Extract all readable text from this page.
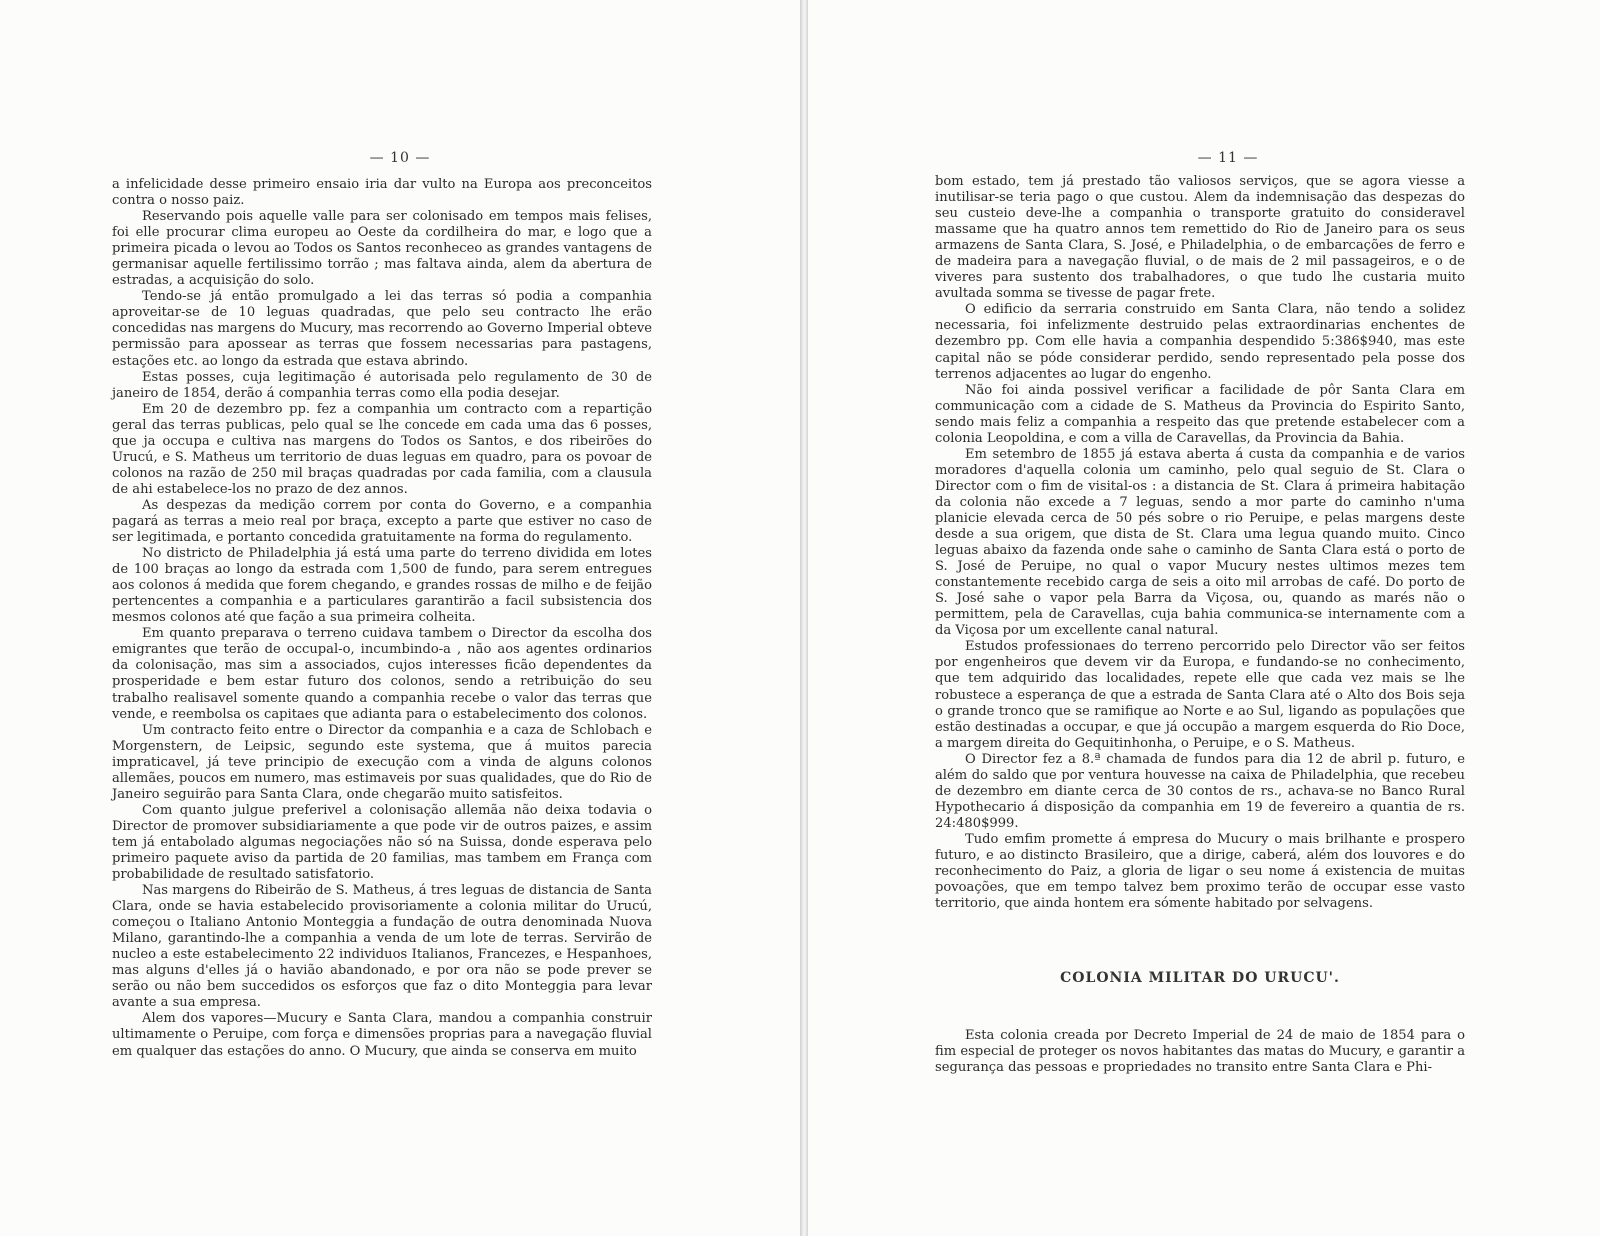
— 10 —

a infelicidade desse primeiro ensaio iria dar vulto na Europa aos preconceitos contra o nosso paiz.

Reservando pois aquelle valle para ser colonisado em tempos mais felises, foi elle procurar clima europeu ao Oeste da cordilheira do mar, e logo que a primeira picada o levou ao Todos os Santos reconheceo as grandes vantagens de germanisar aquelle fertilissimo torrão ; mas faltava ainda, alem da abertura de estradas, a acquisição do solo.

Tendo-se já então promulgado a lei das terras só podia a companhia aproveitar-se de 10 leguas quadradas, que pelo seu contracto lhe erão concedidas nas margens do Mucury, mas recorrendo ao Governo Imperial obteve permissão para apossear as terras que fossem necessarias para pastagens, estações etc. ao longo da estrada que estava abrindo.

Estas posses, cuja legitimação é autorisada pelo regulamento de 30 de janeiro de 1854, derão á companhia terras como ella podia desejar.

Em 20 de dezembro pp. fez a companhia um contracto com a repartição geral das terras publicas, pelo qual se lhe concede em cada uma das 6 posses, que ja occupa e cultiva nas margens do Todos os Santos, e dos ribeirões do Urucú, e S. Matheus um territorio de duas leguas em quadro, para os povoar de colonos na razão de 250 mil braças quadradas por cada familia, com a clausula de ahi estabelece-los no prazo de dez annos.

As despezas da medição correm por conta do Governo, e a companhia pagará as terras a meio real por braça, excepto a parte que estiver no caso de ser legitimada, e portanto concedida gratuitamente na forma do regulamento.

No districto de Philadelphia já está uma parte do terreno dividida em lotes de 100 braças ao longo da estrada com 1,500 de fundo, para serem entregues aos colonos á medida que forem chegando, e grandes rossas de milho e de feijão pertencentes a companhia e a particulares garantirão a facil subsistencia dos mesmos colonos até que fação a sua primeira colheita.

Em quanto preparava o terreno cuidava tambem o Director da escolha dos emigrantes que terão de occupal-o, incumbindo-a , não aos agentes ordinarios da colonisação, mas sim a associados, cujos interesses ficão dependentes da prosperidade e bem estar futuro dos colonos, sendo a retribuição do seu trabalho realisavel somente quando a companhia recebe o valor das terras que vende, e reembolsa os capitaes que adianta para o estabelecimento dos colonos.

Um contracto feito entre o Director da companhia e a caza de Schlobach e Morgenstern, de Leipsic, segundo este systema, que á muitos parecia impraticavel, já teve principio de execução com a vinda de alguns colonos allemães, poucos em numero, mas estimaveis por suas qualidades, que do Rio de Janeiro seguirão para Santa Clara, onde chegarão muito satisfeitos.

Com quanto julgue preferivel a colonisação allemãa não deixa todavia o Director de promover subsidiariamente a que pode vir de outros paizes, e assim tem já entabolado algumas negociações não só na Suissa, donde esperava pelo primeiro paquete aviso da partida de 20 familias, mas tambem em França com probabilidade de resultado satisfatorio.

Nas margens do Ribeirão de S. Matheus, á tres leguas de distancia de Santa Clara, onde se havia estabelecido provisoriamente a colonia militar do Urucú, começou o Italiano Antonio Monteggia a fundação de outra denominada Nuova Milano, garantindo-lhe a companhia a venda de um lote de terras. Servirão de nucleo a este estabelecimento 22 individuos Italianos, Francezes, e Hespanhoes, mas alguns d'elles já o havião abandonado, e por ora não se pode prever se serão ou não bem succedidos os esforços que faz o dito Monteggia para levar avante a sua empresa.

Alem dos vapores—Mucury e Santa Clara, mandou a companhia construir ultimamente o Peruipe, com força e dimensões proprias para a navegação fluvial em qualquer das estações do anno. O Mucury, que ainda se conserva em muito

— 11 —

bom estado, tem já prestado tão valiosos serviços, que se agora viesse a inutilisar-se teria pago o que custou. Alem da indemnisação das despezas do seu custeio deve-lhe a companhia o transporte gratuito do consideravel massame que ha quatro annos tem remettido do Rio de Janeiro para os seus armazens de Santa Clara, S. José, e Philadelphia, o de embarcações de ferro e de madeira para a navegação fluvial, o de mais de 2 mil passageiros, e o de viveres para sustento dos trabalhadores, o que tudo lhe custaria muito avultada somma se tivesse de pagar frete.

O edificio da serraria construido em Santa Clara, não tendo a solidez necessaria, foi infelizmente destruido pelas extraordinarias enchentes de dezembro pp. Com elle havia a companhia despendido 5:386$940, mas este capital não se póde considerar perdido, sendo representado pela posse dos terrenos adjacentes ao lugar do engenho.

Não foi ainda possivel verificar a facilidade de pôr Santa Clara em communicação com a cidade de S. Matheus da Provincia do Espirito Santo, sendo mais feliz a companhia a respeito das que pretende estabelecer com a colonia Leopoldina, e com a villa de Caravellas, da Provincia da Bahia.

Em setembro de 1855 já estava aberta á custa da companhia e de varios moradores d'aquella colonia um caminho, pelo qual seguio de St. Clara o Director com o fim de visital-os : a distancia de St. Clara á primeira habitação da colonia não excede a 7 leguas, sendo a mor parte do caminho n'uma planicie elevada cerca de 50 pés sobre o rio Peruipe, e pelas margens deste desde a sua origem, que dista de St. Clara uma legua quando muito. Cinco leguas abaixo da fazenda onde sahe o caminho de Santa Clara está o porto de S. José de Peruipe, no qual o vapor Mucury nestes ultimos mezes tem constantemente recebido carga de seis a oito mil arrobas de café. Do porto de S. José sahe o vapor pela Barra da Viçosa, ou, quando as marés não o permittem, pela de Caravellas, cuja bahia communica-se internamente com a da Viçosa por um excellente canal natural.

Estudos professionaes do terreno percorrido pelo Director vão ser feitos por engenheiros que devem vir da Europa, e fundando-se no conhecimento, que tem adquirido das localidades, repete elle que cada vez mais se lhe robustece a esperança de que a estrada de Santa Clara até o Alto dos Bois seja o grande tronco que se ramifique ao Norte e ao Sul, ligando as populações que estão destinadas a occupar, e que já occupão a margem esquerda do Rio Doce, a margem direita do Gequitinhonha, o Peruipe, e o S. Matheus.

O Director fez a 8.ª chamada de fundos para dia 12 de abril p. futuro, e além do saldo que por ventura houvesse na caixa de Philadelphia, que recebeu de dezembro em diante cerca de 30 contos de rs., achava-se no Banco Rural Hypothecario á disposição da companhia em 19 de fevereiro a quantia de rs. 24:480$999.

Tudo emfim promette á empresa do Mucury o mais brilhante e prospero futuro, e ao distincto Brasileiro, que a dirige, caberá, além dos louvores e do reconhecimento do Paiz, a gloria de ligar o seu nome á existencia de muitas povoações, que em tempo talvez bem proximo terão de occupar esse vasto territorio, que ainda hontem era sómente habitado por selvagens.

COLONIA MILITAR DO URUCU'.

Esta colonia creada por Decreto Imperial de 24 de maio de 1854 para o fim especial de proteger os novos habitantes das matas do Mucury, e garantir a segurança das pessoas e propriedades no transito entre Santa Clara e Phi-
